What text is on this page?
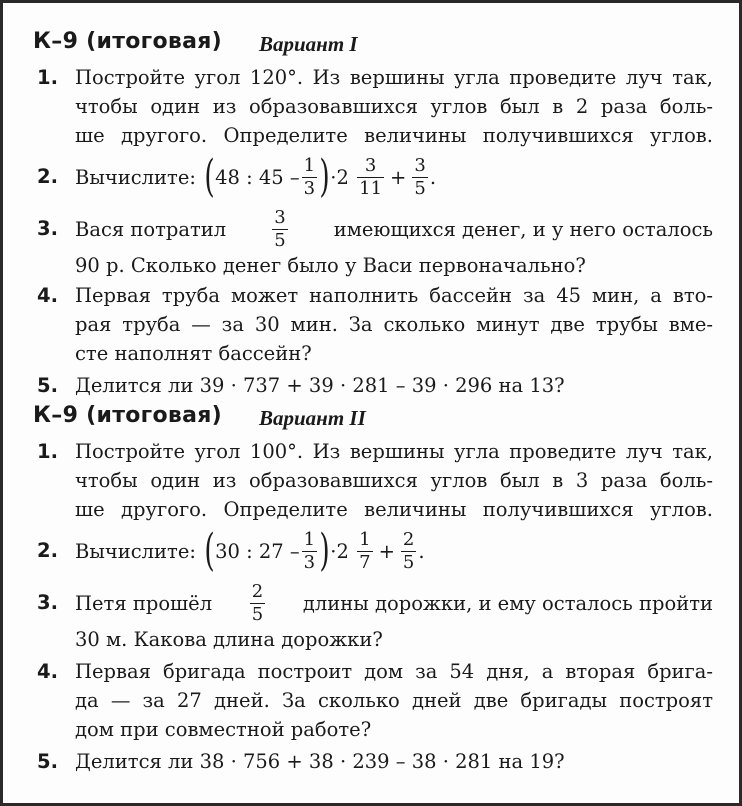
К–9 (итоговая) Вариант I
1. Постройте угол 120°. Из вершины угла проведите луч так,
чтобы один из образовавшихся углов был в 2 раза боль-
ше другого. Определите величины получившихся углов.
2. Вычислите: ( 48 : $45 - \frac{1}{3}$ ) · $2 \frac{3}{11} + \frac{3}{5}$ .
3. Вася потратил	$\frac{3}{5}$ имеющихся денег, и у него осталось
90 р. Сколько денег было у Васи первоначально?
4. Первая труба может наполнить бассейн за 45 мин, а вто-
рая труба — за 30 мин. За сколько минут две трубы вме-
сте наполнят бассейн?
5. Делится ли 39 · 737 + 39 · 281 – 39 · 296 на 13?
К–9 (итоговая) Вариант II
1. Постройте угол 100°. Из вершины угла проведите луч так,
чтобы один из образовавшихся углов был в 3 раза боль-
ше другого. Определите величины получившихся углов.
2. Вычислите: ( 30 : $27 - \frac{1}{3}$ ) · $2 \frac{1}{7} + \frac{2}{5}$ .
3. Петя прошёл $\frac{2}{5}$ длины дорожки, и ему осталось пройти
30 м. Какова длина дорожки?
4. Первая бригада построит дом за 54 дня, а вторая брига-
да — за 27 дней. За сколько дней две бригады построят
дом при совместной работе?
5. Делится ли 38 · 756 + 38 · 239 – 38 · 281 на 19?
